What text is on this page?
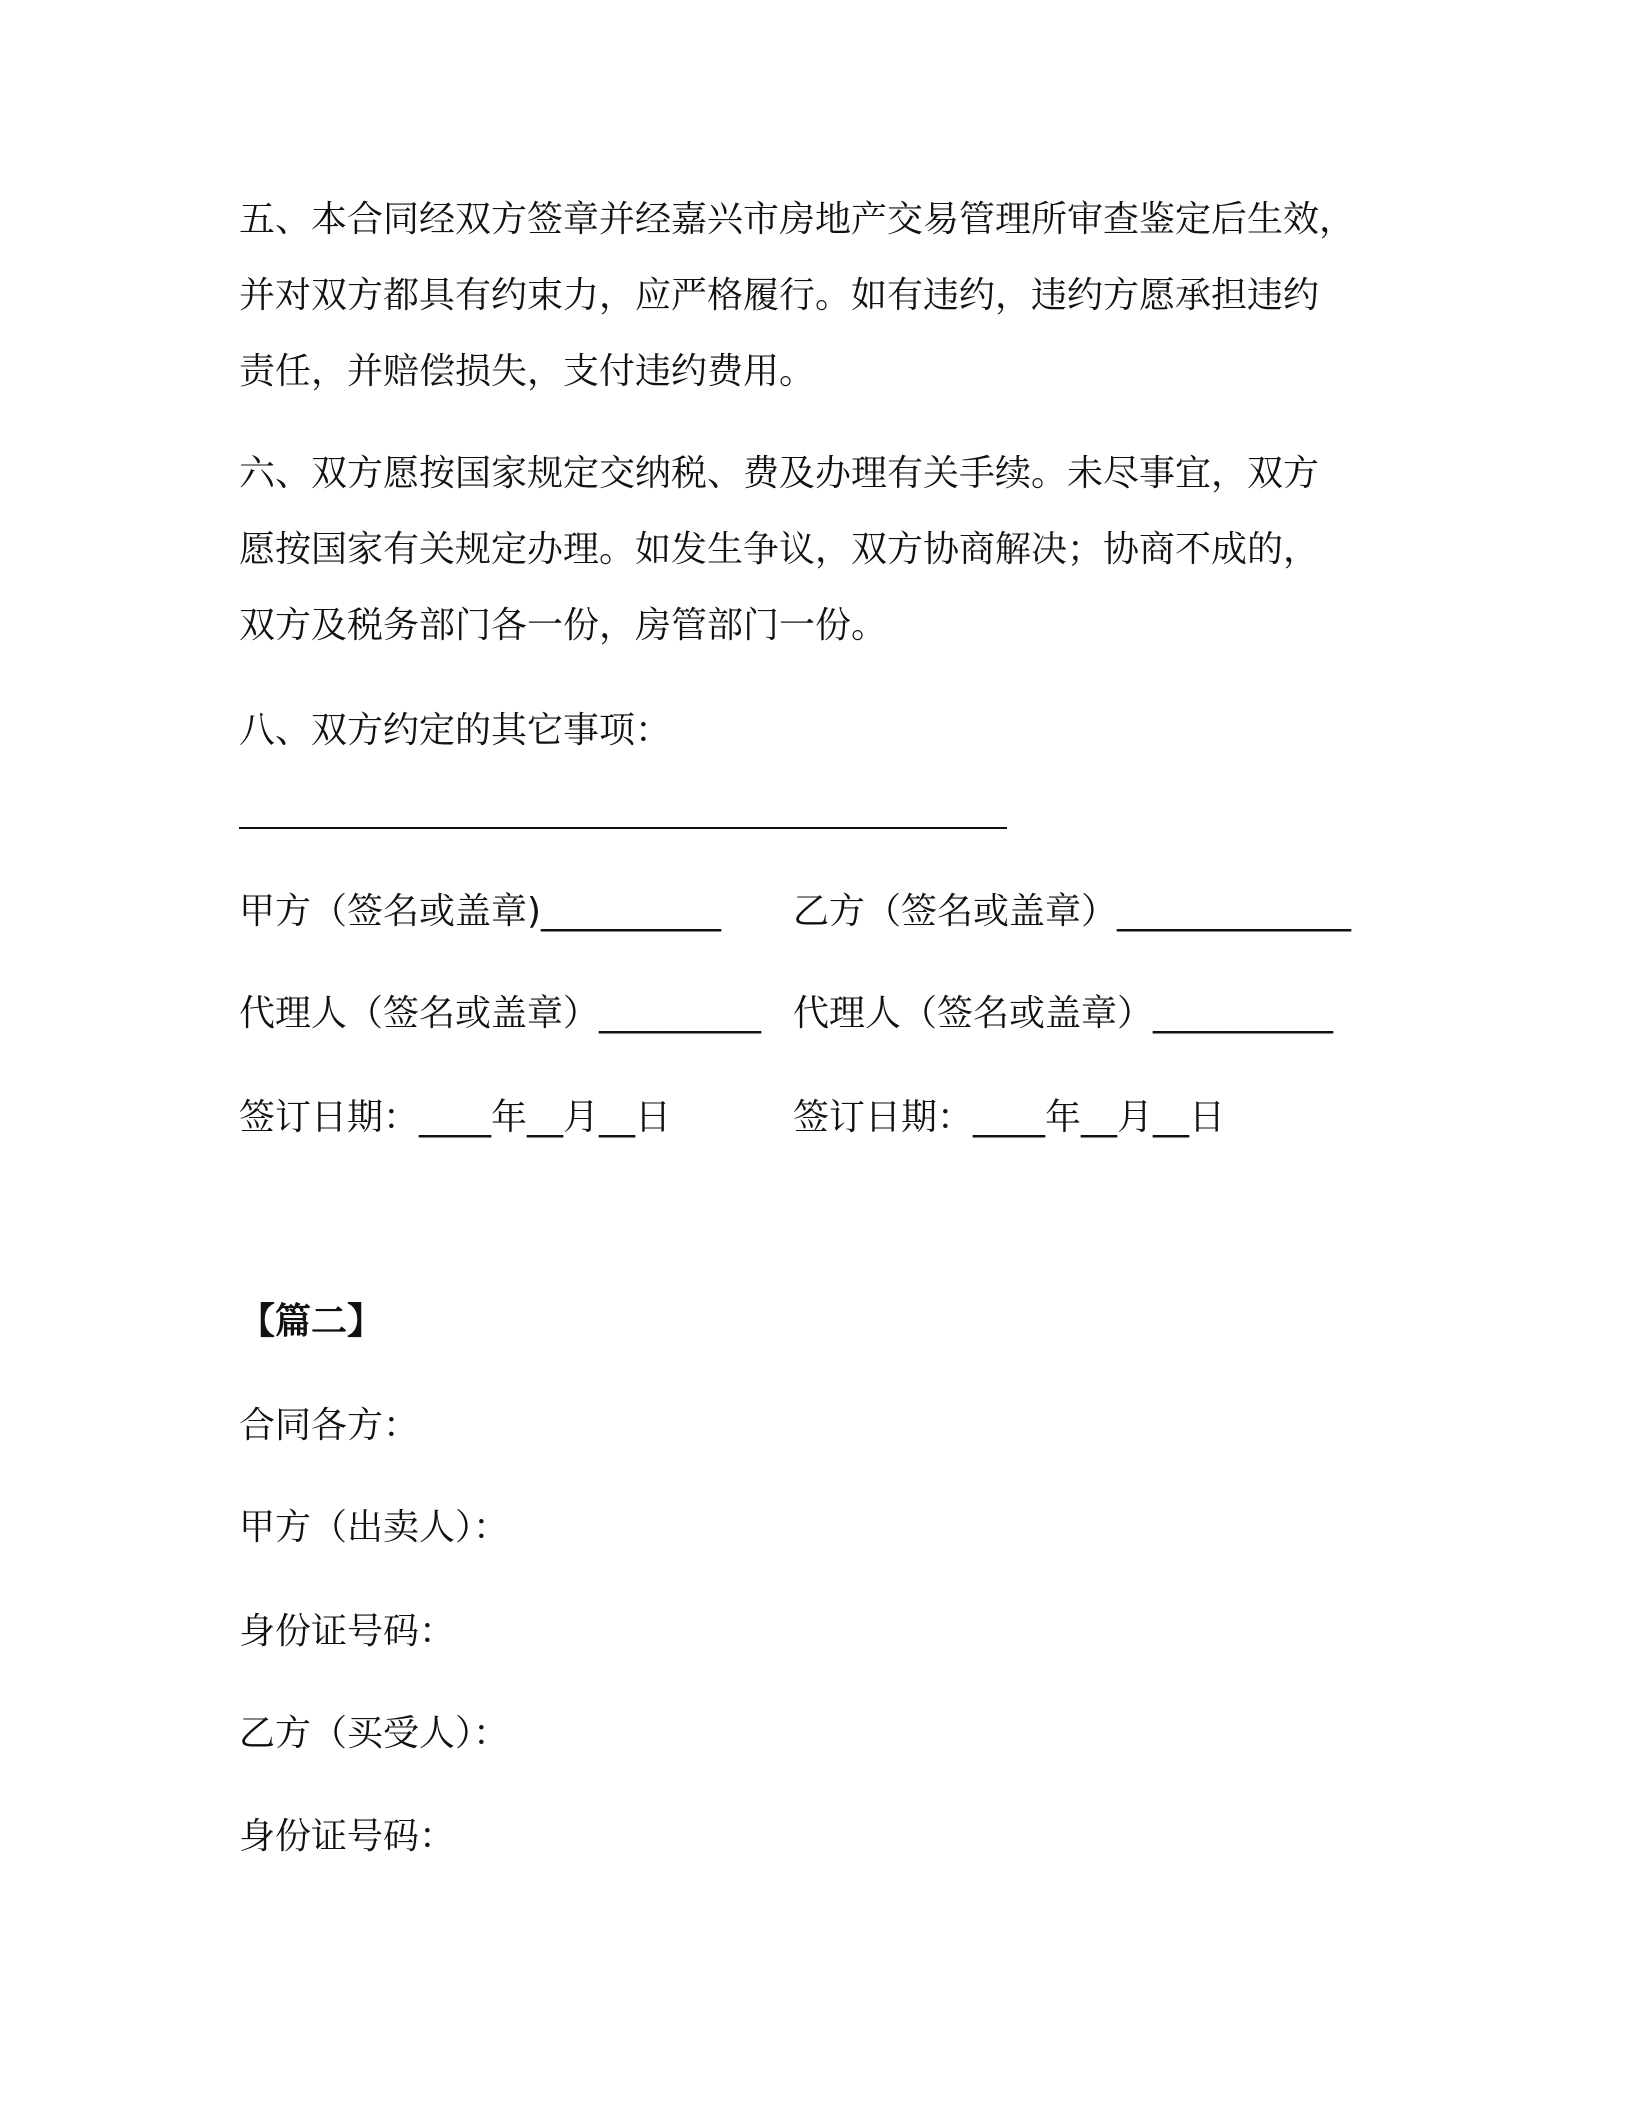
五、本合同经双方签章并经嘉兴市房地产交易管理所审查鉴定后生效，
并对双方都具有约束力，应严格履行。如有违约，违约方愿承担违约
责任，并赔偿损失，支付违约费用。
六、双方愿按国家规定交纳税、费及办理有关手续。未尽事宜，双方
愿按国家有关规定办理。如发生争议，双方协商解决；协商不成的，
双方及税务部门各一份，房管部门一份。
八、双方约定的其它事项：
甲方（签名或盖章)__________ 乙方（签名或盖章）_____________
代理人（签名或盖章）_________ 代理人（签名或盖章）__________
签订日期：____年__月__日	签订日期：____年__月__日
【篇二】
合同各方：
甲方（出卖人）：
身份证号码：
乙方（买受人）：
身份证号码：
